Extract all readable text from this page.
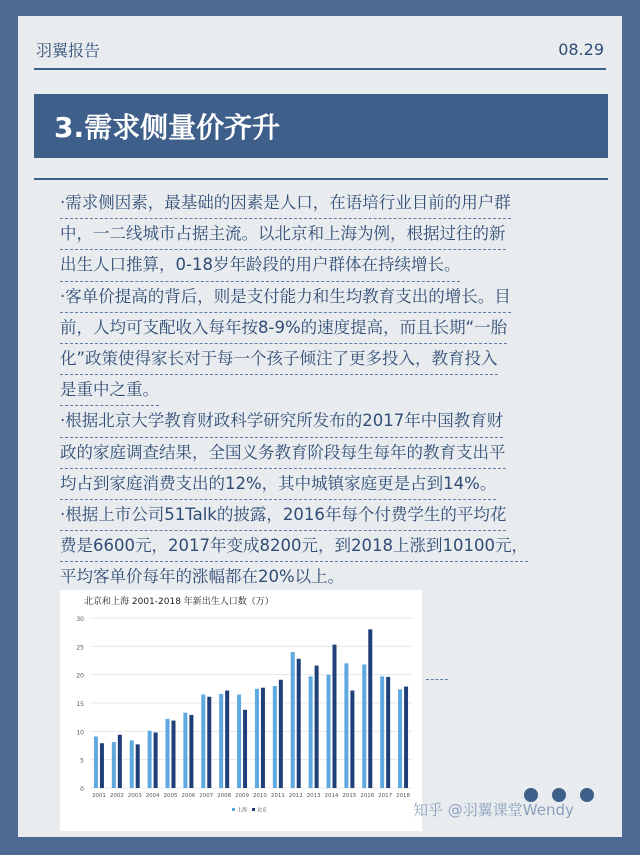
羽翼报告	08.29
3.需求侧量价齐升

·需求侧因素，最基础的因素是人口，在语培行业目前的用户群
中，一二线城市占据主流。以北京和上海为例，根据过往的新
出生人口推算，0-18岁年龄段的用户群体在持续增长。

·客单价提高的背后，则是支付能力和生均教育支出的增长。目
前，人均可支配收入每年按8-9%的速度提高，而且长期“一胎
化”政策使得家长对于每一个孩子倾注了更多投入，教育投入
是重中之重。

·根据北京大学教育财政科学研究所发布的2017年中国教育财
政的家庭调查结果，全国义务教育阶段每生每年的教育支出平
均占到家庭消费支出的12%，其中城镇家庭更是占到14%。

·根据上市公司51Talk的披露，2016年每个付费学生的平均花
费是6600元，2017年变成8200元，到2018上涨到10100元，
平均客单价每年的涨幅都在20%以上。

北京和上海 2001-2018 年新出生人口数（万）
0
5
10
15
20
25
30
2001 2002 2003 2004 2005 2006 2007 2008 2009 2010 2011 2012 2013 2014 2015 2016 2017 2018
上海 北京	知乎 @羽翼课堂Wendy
